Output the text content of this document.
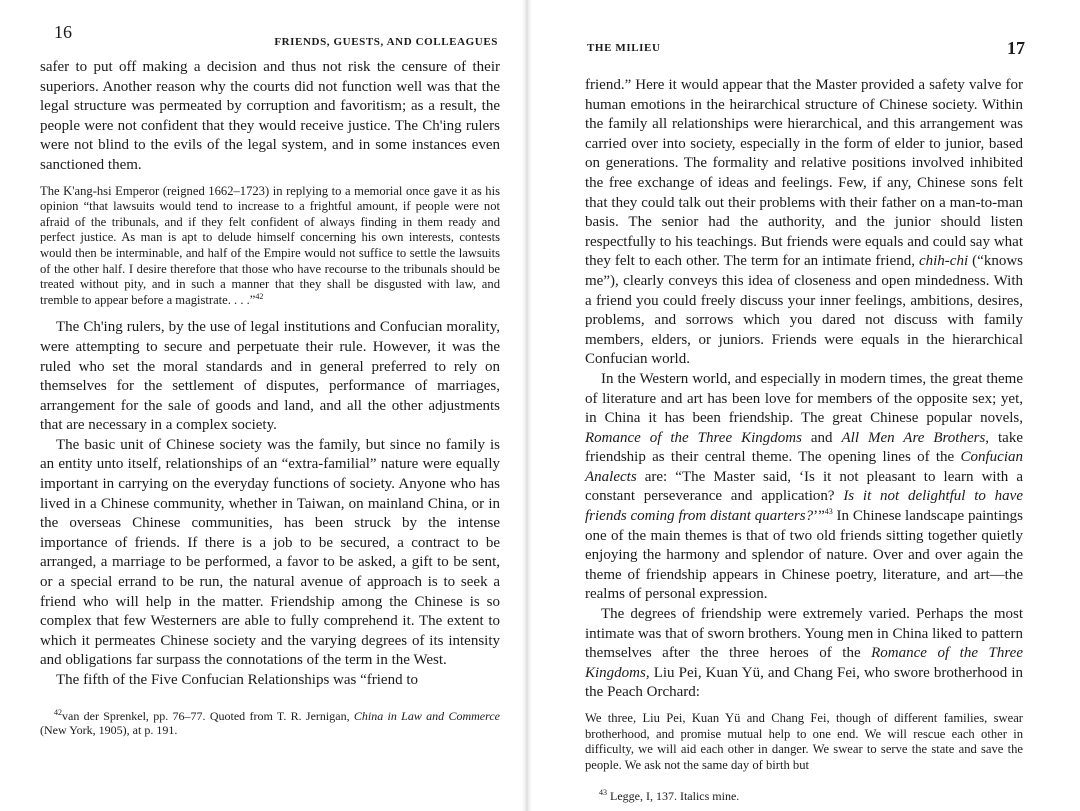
16	FRIENDS, GUESTS, AND COLLEAGUES

safer to put off making a decision and thus not risk the censure of their superiors. Another reason why the courts did not function well was that the legal structure was permeated by corruption and favoritism; as a result, the people were not confident that they would receive justice. The Ch'ing rulers were not blind to the evils of the legal system, and in some instances even sanctioned them.

The K'ang-hsi Emperor (reigned 1662–1723) in replying to a memorial once gave it as his opinion “that lawsuits would tend to increase to a frightful amount, if people were not afraid of the tribunals, and if they felt confident of always finding in them ready and perfect justice. As man is apt to delude himself concerning his own interests, contests would then be interminable, and half of the Empire would not suffice to settle the lawsuits of the other half. I desire therefore that those who have recourse to the tribunals should be treated without pity, and in such a manner that they shall be disgusted with law, and tremble to appear before a magistrate. . . .”$^{42}$

The Ch'ing rulers, by the use of legal institutions and Confucian morality, were attempting to secure and perpetuate their rule. However, it was the ruled who set the moral standards and in general preferred to rely on themselves for the settlement of disputes, performance of marriages, arrangement for the sale of goods and land, and all the other adjustments that are necessary in a complex society.

The basic unit of Chinese society was the family, but since no family is an entity unto itself, relationships of an “extra-familial” nature were equally important in carrying on the everyday functions of society. Anyone who has lived in a Chinese community, whether in Taiwan, on mainland China, or in the overseas Chinese communities, has been struck by the intense importance of friends. If there is a job to be secured, a contract to be arranged, a marriage to be performed, a favor to be asked, a gift to be sent, or a special errand to be run, the natural avenue of approach is to seek a friend who will help in the matter. Friendship among the Chinese is so complex that few Westerners are able to fully comprehend it. The extent to which it permeates Chinese society and the varying degrees of its intensity and obligations far surpass the connotations of the term in the West.

The fifth of the Five Confucian Relationships was “friend to

$^{42}$van der Sprenkel, pp. 76–77. Quoted from T. R. Jernigan, China in Law and Commerce (New York, 1905), at p. 191.

THE MILIEU	17

friend.” Here it would appear that the Master provided a safety valve for human emotions in the heirarchical structure of Chinese society. Within the family all relationships were hierarchical, and this arrangement was carried over into society, especially in the form of elder to junior, based on generations. The formality and relative positions involved inhibited the free exchange of ideas and feelings. Few, if any, Chinese sons felt that they could talk out their problems with their father on a man-to-man basis. The senior had the authority, and the junior should listen respectfully to his teachings. But friends were equals and could say what they felt to each other. The term for an intimate friend, chih-chi (“knows me”), clearly conveys this idea of closeness and open mindedness. With a friend you could freely discuss your inner feelings, ambitions, desires, problems, and sorrows which you dared not discuss with family members, elders, or juniors. Friends were equals in the hierarchical Confucian world.

In the Western world, and especially in modern times, the great theme of literature and art has been love for members of the opposite sex; yet, in China it has been friendship. The great Chinese popular novels, Romance of the Three Kingdoms and All Men Are Brothers, take friendship as their central theme. The opening lines of the Confucian Analects are: “The Master said, ‘Is it not pleasant to learn with a constant perseverance and application? Is it not delightful to have friends coming from distant quarters?’”$^{43}$ In Chinese landscape paintings one of the main themes is that of two old friends sitting together quietly enjoying the harmony and splendor of nature. Over and over again the theme of friendship appears in Chinese poetry, literature, and art—the realms of personal expression.

The degrees of friendship were extremely varied. Perhaps the most intimate was that of sworn brothers. Young men in China liked to pattern themselves after the three heroes of the Romance of the Three Kingdoms, Liu Pei, Kuan Yü, and Chang Fei, who swore brotherhood in the Peach Orchard:

We three, Liu Pei, Kuan Yü and Chang Fei, though of different families, swear brotherhood, and promise mutual help to one end. We will rescue each other in difficulty, we will aid each other in danger. We swear to serve the state and save the people. We ask not the same day of birth but

$^{43}$ Legge, I, 137. Italics mine.
